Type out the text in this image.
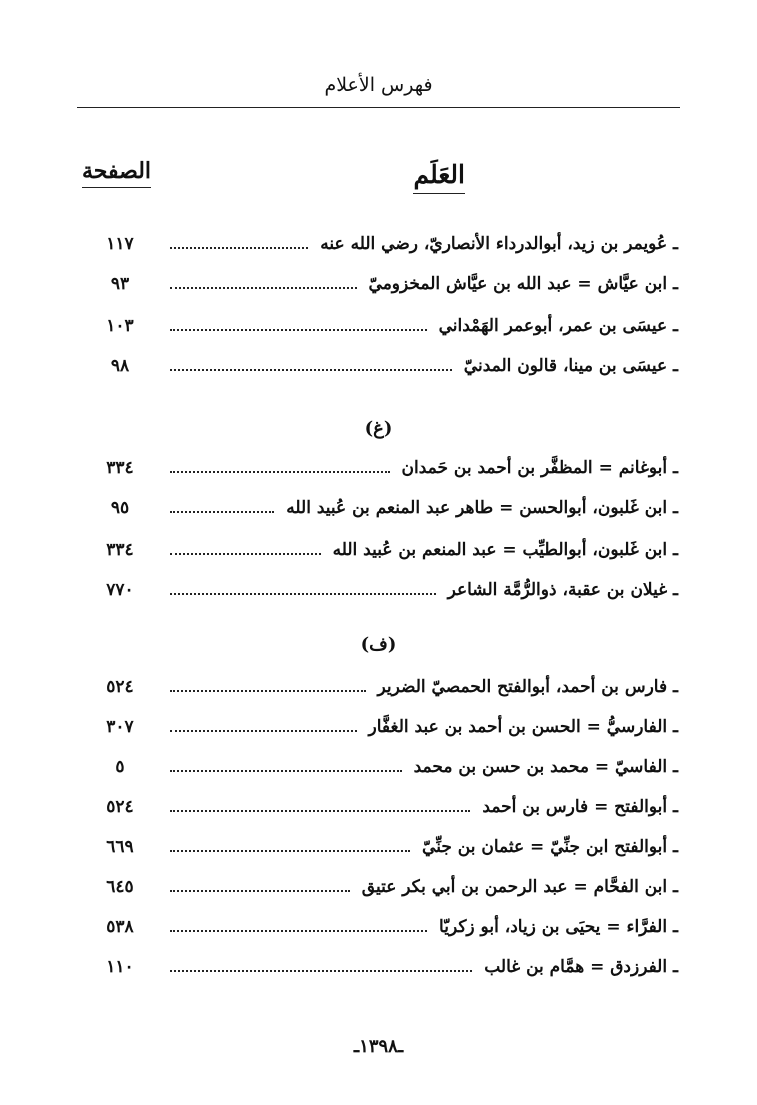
فهرس الأعلام
العَلَم
الصفحة
ـ عُويمر بن زيد، أبوالدرداء الأنصاريّ، رضي الله عنه
١١٧
ـ ابن عيَّاش = عبد الله بن عيَّاش المخزوميّ
٩٣
ـ عيسَى بن عمر، أبوعمر الهَمْداني
١٠٣
ـ عيسَى بن مينا، قالون المدنيّ
٩٨
(غ)
ـ أبوغانم = المظفَّر بن أحمد بن حَمدان
٣٣٤
ـ ابن غَلبون، أبوالحسن = طاهر عبد المنعم بن عُبيد الله
٩٥
ـ ابن غَلبون، أبوالطيِّب = عبد المنعم بن عُبيد الله
٣٣٤
ـ غيلان بن عقبة، ذوالرُّمَّة الشاعر
٧٧٠
(ف)
ـ فارس بن أحمد، أبوالفتح الحمصيّ الضرير
٥٢٤
ـ الفارسيُّ = الحسن بن أحمد بن عبد الغفَّار
٣٠٧
ـ الفاسيّ = محمد بن حسن بن محمد
٥
ـ أبوالفتح = فارس بن أحمد
٥٢٤
ـ أبوالفتح ابن جنِّيّ = عثمان بن جنِّيّ
٦٦٩
ـ ابن الفحَّام = عبد الرحمن بن أبي بكر عتيق
٦٤٥
ـ الفرَّاء = يحيَى بن زياد، أبو زكريّا
٥٣٨
ـ الفرزدق = همَّام بن غالب
١١٠
ـ١٣٩٨ـ
